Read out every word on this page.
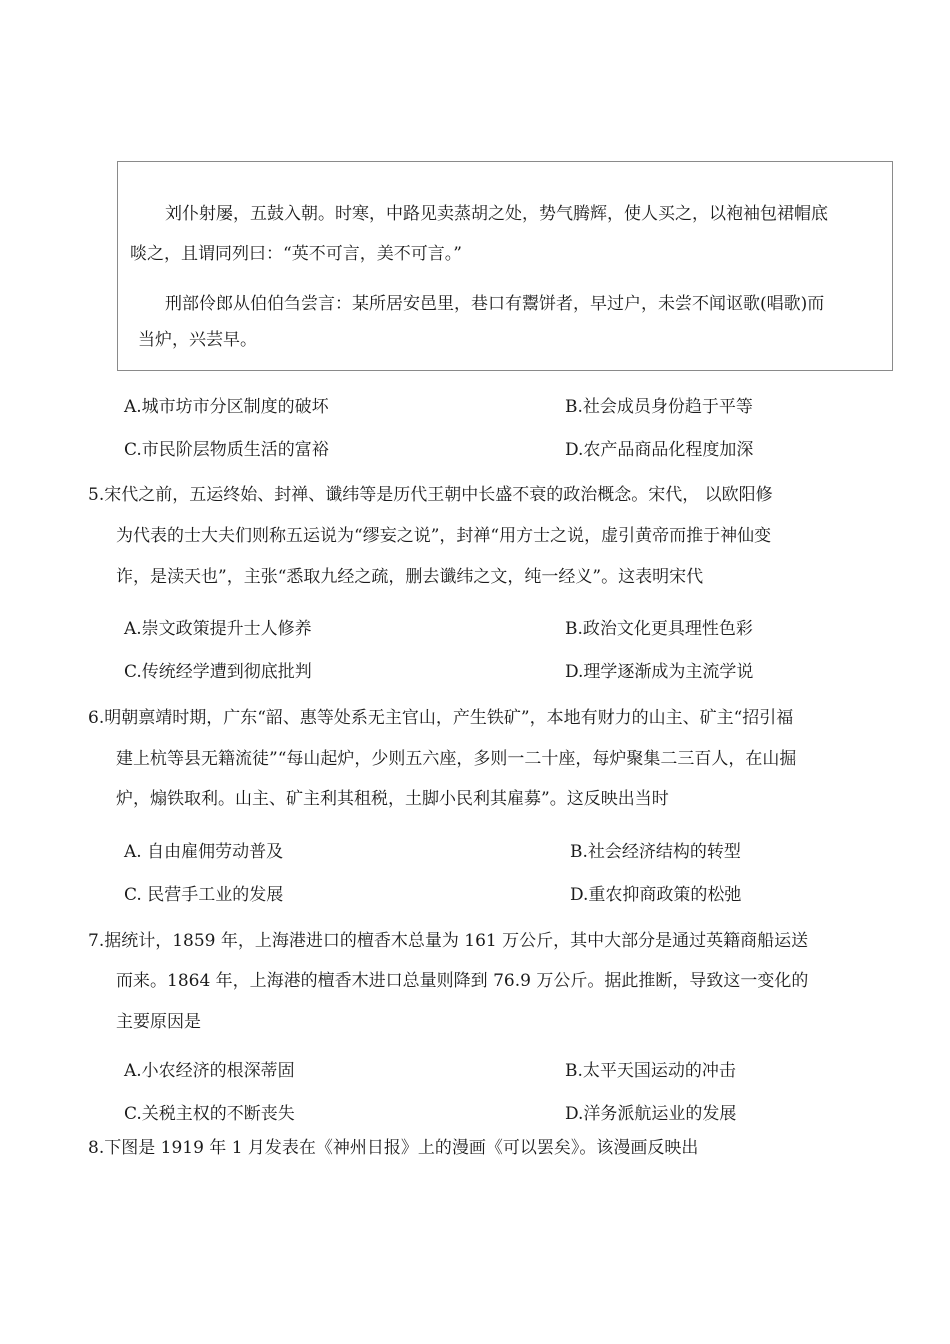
刘仆射屡，五鼓入朝。时寒，中路见卖蒸胡之处，势气腾辉，使人买之，以袍袖包裙帽底
啖之，且谓同列曰：“英不可言，美不可言。”
刑部伶郎从伯伯刍尝言：某所居安邑里，巷口有鬻饼者，早过户，未尝不闻讴歌(唱歌)而
当炉，兴芸早。
A.城市坊市分区制度的破坏	B.社会成员身份趋于平等
C.市民阶层物质生活的富裕	D.农产品商品化程度加深
5.宋代之前，五运终始、封禅、谶纬等是历代王朝中长盛不衰的政治概念。宋代， 以欧阳修
为代表的士大夫们则称五运说为“缪妄之说”，封禅“用方士之说，虚引黄帝而推于神仙变
诈，是渎天也”，主张“悉取九经之疏，删去谶纬之文，纯一经义”。这表明宋代
A.崇文政策提升士人修养	B.政治文化更具理性色彩
C.传统经学遭到彻底批判	D.理学逐渐成为主流学说
6.明朝禀靖时期，广东“韶、惠等处系无主官山，产生铁矿”，本地有财力的山主、矿主“招引福
建上杭等县无籍流徒”“每山起炉，少则五六座，多则一二十座，每炉聚集二三百人，在山掘
炉，煽铁取利。山主、矿主利其租税，土脚小民利其雇募”。这反映出当时
A. 自由雇佣劳动普及	B.社会经济结构的转型
C. 民营手工业的发展	D.重农抑商政策的松弛
7.据统计，1859 年，上海港进口的檀香木总量为 161 万公斤，其中大部分是通过英籍商船运送
而来。1864 年，上海港的檀香木进口总量则降到 76.9 万公斤。据此推断，导致这一变化的
主要原因是
A.小农经济的根深蒂固	B.太平天国运动的冲击
C.关税主权的不断丧失	D.洋务派航运业的发展
8.下图是 1919 年 1 月发表在《神州日报》上的漫画《可以罢矣》。该漫画反映出
